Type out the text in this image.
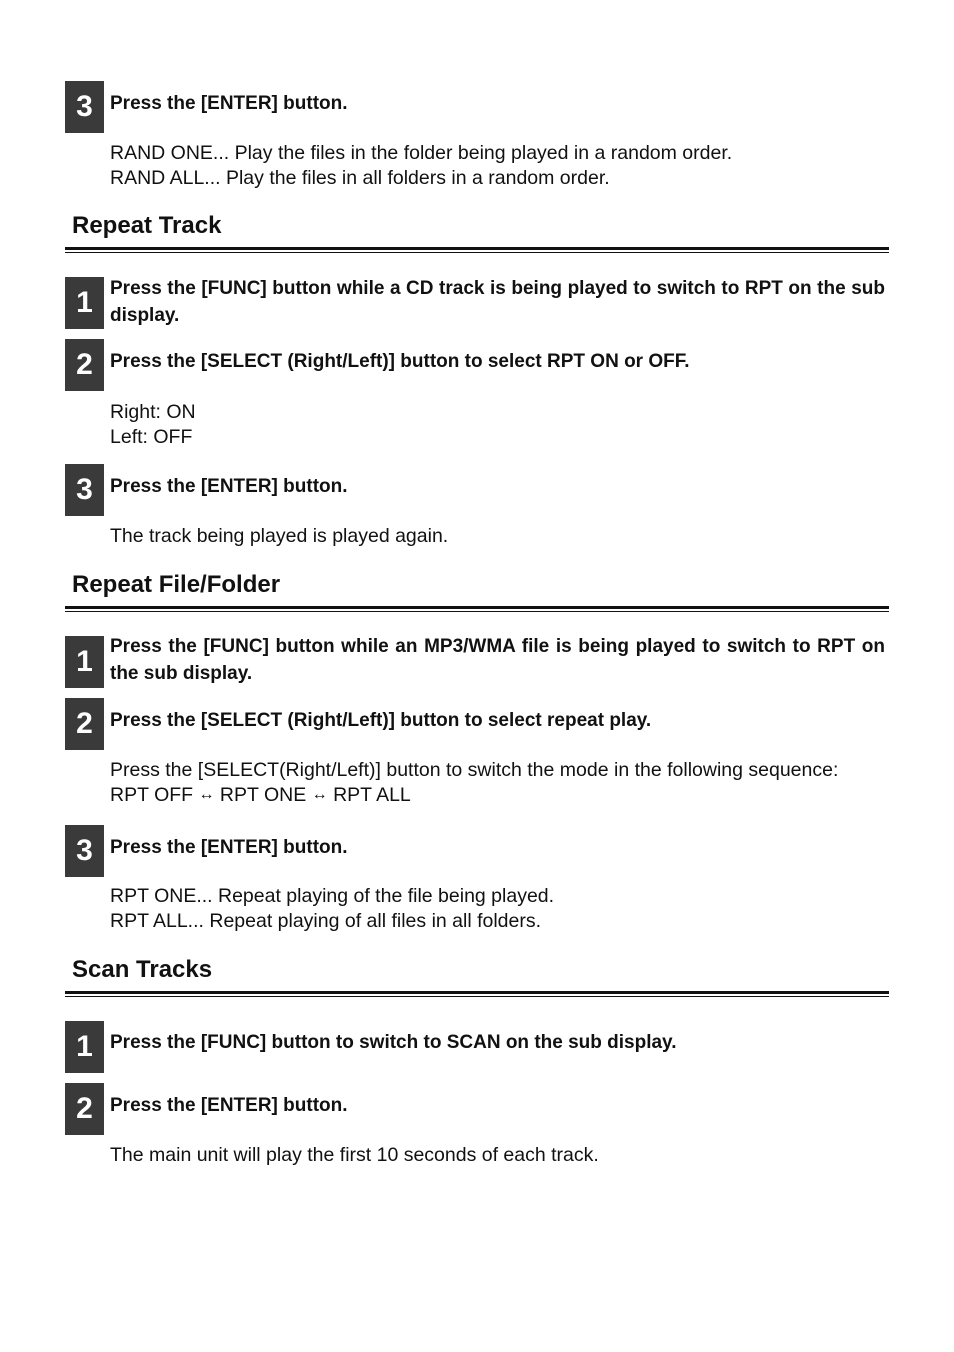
3 Press the [ENTER] button.
RAND ONE... Play the files in the folder being played in a random order.
RAND ALL... Play the files in all folders in a random order.
Repeat Track
1 Press the [FUNC] button while a CD track is being played to switch to RPT on the sub display.
2 Press the [SELECT (Right/Left)] button to select RPT ON or OFF.
Right: ON
Left: OFF
3 Press the [ENTER] button.
The track being played is played again.
Repeat File/Folder
1 Press the [FUNC] button while an MP3/WMA file is being played to switch to RPT on the sub display.
2 Press the [SELECT (Right/Left)] button to select repeat play.
Press the [SELECT(Right/Left)] button to switch the mode in the following sequence:
RPT OFF ↔ RPT ONE ↔ RPT ALL
3 Press the [ENTER] button.
RPT ONE... Repeat playing of the file being played.
RPT ALL... Repeat playing of all files in all folders.
Scan Tracks
1 Press the [FUNC] button to switch to SCAN on the sub display.
2 Press the [ENTER] button.
The main unit will play the first 10 seconds of each track.
